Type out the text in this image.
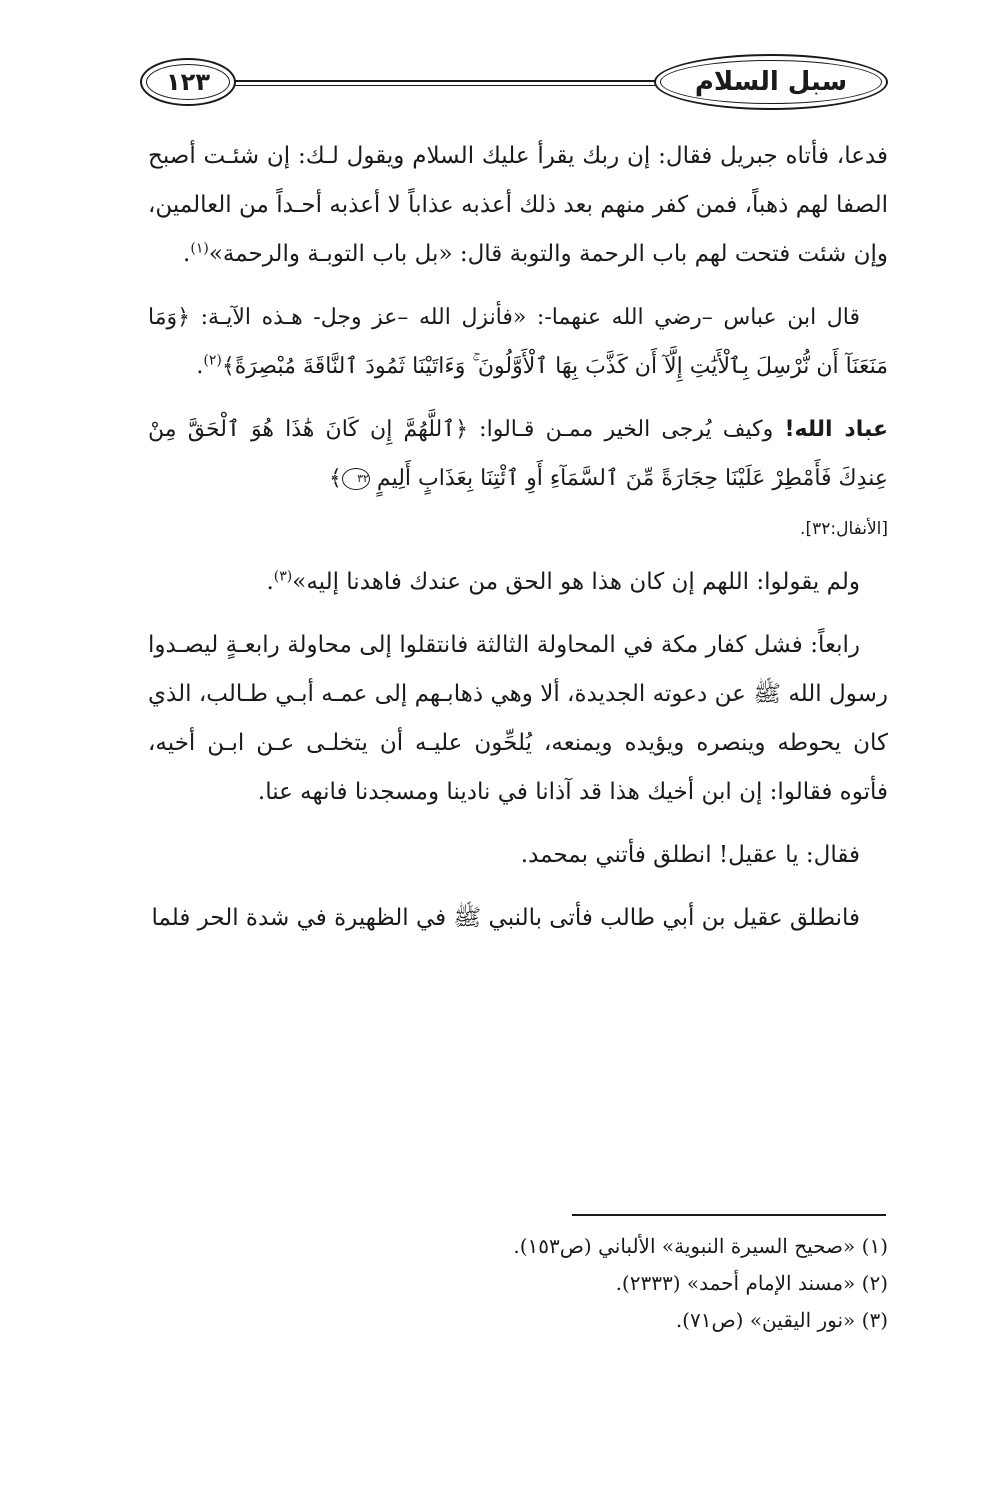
١٢٣	سبل السلام

فدعا، فأتاه جبريل فقال: إن ربك يقرأ عليك السلام ويقول لـك: إن شئـت أصبح الصفا لهم ذهباً، فمن كفر منهم بعد ذلك أعذبه عذاباً لا أعذبه أحـداً من العالمين، وإن شئت فتحت لهم باب الرحمة والتوبة قال: «بل باب التوبـة والرحمة»$^{(١)}$.

قال ابن عباس –رضي الله عنهما-: «فأنزل الله –عز وجل- هـذه الآيـة: ﴿وَمَا مَنَعَنَآ أَن نُّرْسِلَ بِٱلْأَيَٰتِ إِلَّآ أَن كَذَّبَ بِهَا ٱلْأَوَّلُونَ ۚ وَءَاتَيْنَا ثَمُودَ ٱلنَّاقَةَ مُبْصِرَةً﴾$^{(٢)}$.

عباد الله! وكيف يُرجى الخير ممـن قـالوا: ﴿ٱللَّهُمَّ إِن كَانَ هَٰذَا هُوَ ٱلْحَقَّ مِنْ عِندِكَ فَأَمْطِرْ عَلَيْنَا حِجَارَةً مِّنَ ٱلسَّمَآءِ أَوِ ٱئْتِنَا بِعَذَابٍ أَلِيمٍ ٣٢﴾
[الأنفال:٣٢].

ولم يقولوا: اللهم إن كان هذا هو الحق من عندك فاهدنا إليه»$^{(٣)}$.

رابعاً: فشل كفار مكة في المحاولة الثالثة فانتقلوا إلى محاولة رابعـةٍ ليصـدوا رسول الله ﷺ عن دعوته الجديدة، ألا وهي ذهابـهم إلى عمـه أبـي طـالب، الذي كان يحوطه وينصره ويؤيده ويمنعه، يُلحِّون عليـه أن يتخلـى عـن ابـن أخيه، فأتوه فقالوا: إن ابن أخيك هذا قد آذانا في نادينا ومسجدنا فانهه عنا.

فقال: يا عقيل! انطلق فأتني بمحمد.

فانطلق عقيل بن أبي طالب فأتى بالنبي ﷺ في الظهيرة في شدة الحر فلما

(١) «صحيح السيرة النبوية» الألباني (ص١٥٣).
(٢) «مسند الإمام أحمد» (٢٣٣٣).
(٣) «نور اليقين» (ص٧١).
